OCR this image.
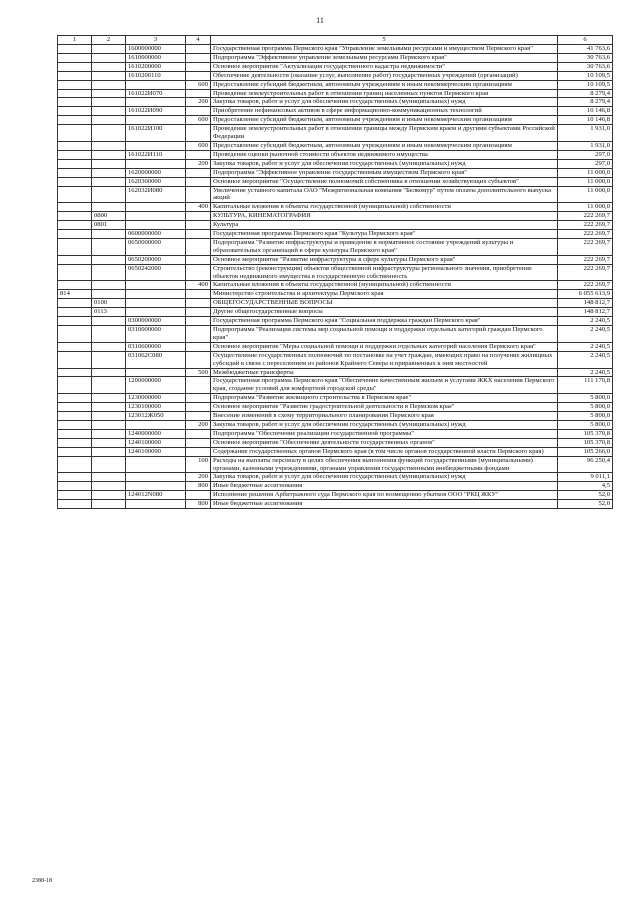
11
1	2	3	4	5	6
		1600000000		Государственная программа Пермского края "Управление земельными ресурсами и имуществом Пермского края"	41 763,6
		1610000000		Подпрограмма "Эффективное управление земельными ресурсами Пермского края"	30 763,6
		1610200000		Основное мероприятие "Актуализация государственного кадастра недвижимости"	30 763,6
		1610200110		Обеспечение деятельности (оказание услуг, выполнение работ) государственных учреждений (организаций)	10 109,5
			600	Предоставление субсидий бюджетным, автономным учреждениям и иным некоммерческим организациям	10 109,5
		161022И070		Проведение землеустроительных работ в отношении границ населенных пунктов Пермского края	8 279,4
			200	Закупка товаров, работ и услуг для обеспечения государственных (муниципальных) нужд	8 279,4
		161022И090		Приобретение нефинансовых активов в сфере информационно-коммуникационных технологий	10 146,8
			600	Предоставление субсидий бюджетным, автономным учреждениям и иным некоммерческим организациям	10 146,8
		161022И100		Проведение землеустроительных работ в отношении границы между Пермским краем и другими субъектами Российской Федерации	1 931,0
			600	Предоставление субсидий бюджетным, автономным учреждениям и иным некоммерческим организациям	1 931,0
		161022И110		Проведение оценки рыночной стоимости объектов недвижимого имущества	297,0
			200	Закупка товаров, работ и услуг для обеспечения государственных (муниципальных) нужд	297,0
		1620000000		Подпрограмма "Эффективное управление государственным имуществом Пермского края"	11 000,0
		1620300000		Основное мероприятие "Осуществление полномочий собственника в отношении хозяйствующих субъектов"	11 000,0
		162032И080		Увеличение уставного капитала ОАО "Межрегиональная компания "Белкомур" путем оплаты дополнительного выпуска акций	11 000,0
			400	Капитальные вложения в объекты государственной (муниципальной) собственности	11 000,0
	0800			КУЛЬТУРА, КИНЕМАТОГРАФИЯ	222 269,7
	0801			Культура	222 269,7
		0600000000		Государственная программа Пермского края "Культура Пермского края"	222 269,7
		0650000000		Подпрограмма "Развитие инфраструктуры и приведение в нормативное состояние учреждений культуры и образовательных организаций в сфере культуры Пермского края"	222 269,7
		0650200000		Основное мероприятие "Развитие инфраструктуры в сфере культуры Пермского края"	222 269,7
		0650242000		Строительство (реконструкция) объектов общественной инфраструктуры регионального значения, приобретение объектов недвижимого имущества в государственную собственность	222 269,7
			400	Капитальные вложения в объекты государственной (муниципальной) собственности	222 269,7
814				Министерство строительства и архитектуры Пермского края	6 055 613,9
	0100			ОБЩЕГОСУДАРСТВЕННЫЕ ВОПРОСЫ	148 812,7
	0113			Другие общегосударственные вопросы	148 812,7
		0300000000		Государственная программа Пермского края "Социальная поддержка граждан Пермского края"	2 240,5
		0310000000		Подпрограмма "Реализация системы мер социальной помощи и поддержки отдельных категорий граждан Пермского края"	2 240,5
		0310600000		Основное мероприятие "Меры социальной помощи и поддержки отдельных категорий населения Пермского края"	2 240,5
		031062С080		Осуществление государственных полномочий по постановке на учет граждан, имеющих право на получение жилищных субсидий в связи с переселением из районов Крайнего Севера и приравненных к ним местностей	2 240,5
			500	Межбюджетные трансферты	2 240,5
		1200000000		Государственная программа Пермского края "Обеспечение качественным жильем и услугами ЖКХ населения Пермского края, создание условий для комфортной городской среды"	111 170,8
		1230000000		Подпрограмма "Развитие жилищного строительства в Пермском крае"	5 800,0
		1230100000		Основное мероприятие "Развитие градостроительной деятельности в Пермском крае"	5 800,0
		123012Ж050		Внесение изменений в схему территориального планирования Пермского края	5 800,0
			200	Закупка товаров, работ и услуг для обеспечения государственных (муниципальных) нужд	5 800,0
		1240000000		Подпрограмма "Обеспечение реализации государственной программы"	105 370,8
		1240100000		Основное мероприятие "Обеспечение деятельности государственных органов"	105 370,8
		1240100090		Содержание государственных органов Пермского края (в том числе органов государственной власти Пермского края)	105 266,0
			100	Расходы на выплаты персоналу в целях обеспечения выполнения функций государственными (муниципальными) органами, казенными учреждениями, органами управления государственными внебюджетными фондами	96 250,4
			200	Закупка товаров, работ и услуг для обеспечения государственных (муниципальных) нужд	9 011,1
			800	Иные бюджетные ассигнования	4,5
		124012N080		Исполнение решения Арбитражного суда Пермского края по возмещению убытков ООО "РКЦ ЖКУ"	52,0
			800	Иные бюджетные ассигнования	52,0
2388-18
